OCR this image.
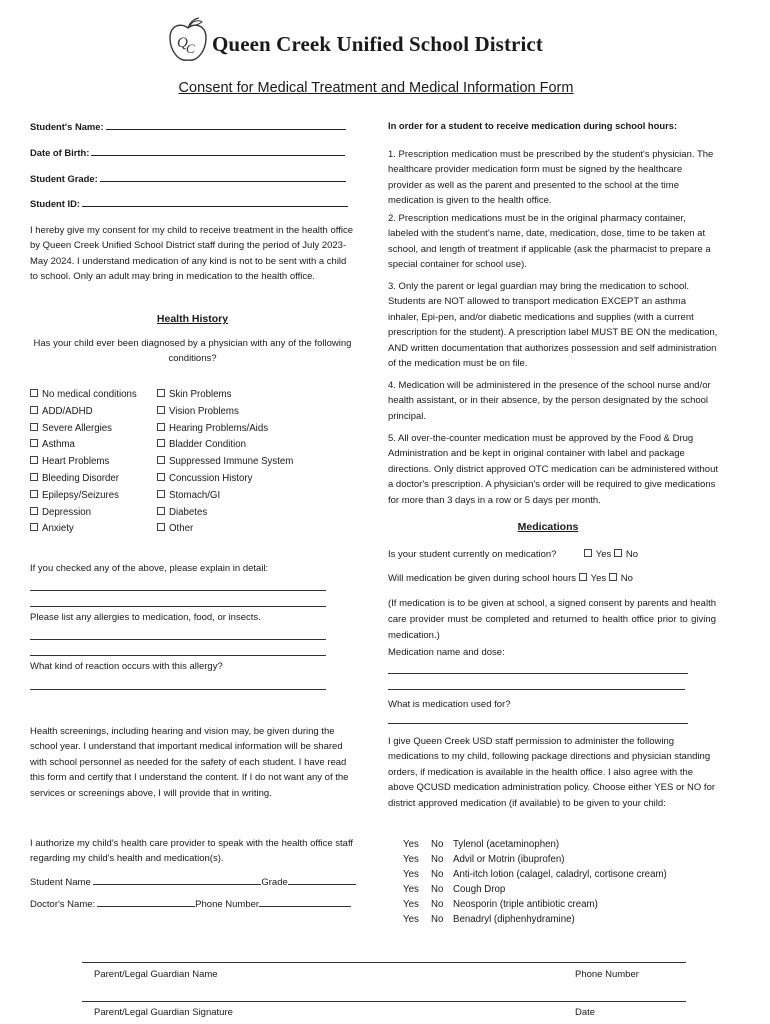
Q
C Queen Creek Unified School District
Consent for Medical Treatment and Medical Information Form
Student's Name:
Date of Birth:
Student Grade:
Student ID:
I hereby give my consent for my child to receive treatment in the health office by Queen Creek Unified School District staff during the period of July 2023-May 2024. I understand medication of any kind is not to be sent with a child to school. Only an adult may bring in medication to the health office.
Health History
Has your child ever been diagnosed by a physician with any of the following conditions?
No medical conditions
ADD/ADHD
Severe Allergies
Asthma
Heart Problems
Bleeding Disorder
Epilepsy/Seizures
Depression
Anxiety
Skin Problems
Vision Problems
Hearing Problems/Aids
Bladder Condition
Suppressed Immune System
Concussion History
Stomach/GI
Diabetes
Other
If you checked any of the above, please explain in detail:
Please list any allergies to medication, food, or insects.
What kind of reaction occurs with this allergy?
Health screenings, including hearing and vision may, be given during the school year. I understand that important medical information will be shared with school personnel as needed for the safety of each student. I have read this form and certify that I understand the content. If I do not want any of the services or screenings above, I will provide that in writing.
I authorize my child's health care provider to speak with the health office staff regarding my child's health and medication(s).
Student Name	Grade
Doctor's Name:	Phone Number
In order for a student to receive medication during school hours:
1. Prescription medication must be prescribed by the student's physician. The healthcare provider medication form must be signed by the healthcare provider as well as the parent and presented to the school at the time medication is given to the health office.
2. Prescription medications must be in the original pharmacy container, labeled with the student's name, date, medication, dose, time to be taken at school, and length of treatment if applicable (ask the pharmacist to prepare a special container for school use).
3. Only the parent or legal guardian may bring the medication to school. Students are NOT allowed to transport medication EXCEPT an asthma inhaler, Epi-pen, and/or diabetic medications and supplies (with a current prescription for the student). A prescription label MUST BE ON the medication, AND written documentation that authorizes possession and self administration of the medication must be on file.
4. Medication will be administered in the presence of the school nurse and/or health assistant, or in their absence, by the person designated by the school principal.
5. All over-the-counter medication must be approved by the Food & Drug Administration and be kept in original container with label and package directions. Only district approved OTC medication can be administered without a doctor's prescription. A physician's order will be required to give medications for more than 3 days in a row or 5 days per month.
Medications
Is your student currently on medication?	Yes No
Will medication be given during school hours Yes No
(If medication is to be given at school, a signed consent by parents and health care provider must be completed and returned to health office prior to giving medication.)
Medication name and dose:
What is medication used for?
I give Queen Creek USD staff permission to administer the following medications to my child, following package directions and physician standing orders, if medication is available in the health office. I also agree with the above QCUSD medication administration policy. Choose either YES or NO for district approved medication (if available) to be given to your child:
Yes No Tylenol (acetaminophen)
Yes No Advil or Motrin (ibuprofen)
Yes No Anti-itch lotion (calagel, caladryl, cortisone cream)
Yes No Cough Drop
Yes No Neosporin (triple antibiotic cream)
Yes No Benadryl (diphenhydramine)
Parent/Legal Guardian Name	Phone Number
Parent/Legal Guardian Signature	Date
